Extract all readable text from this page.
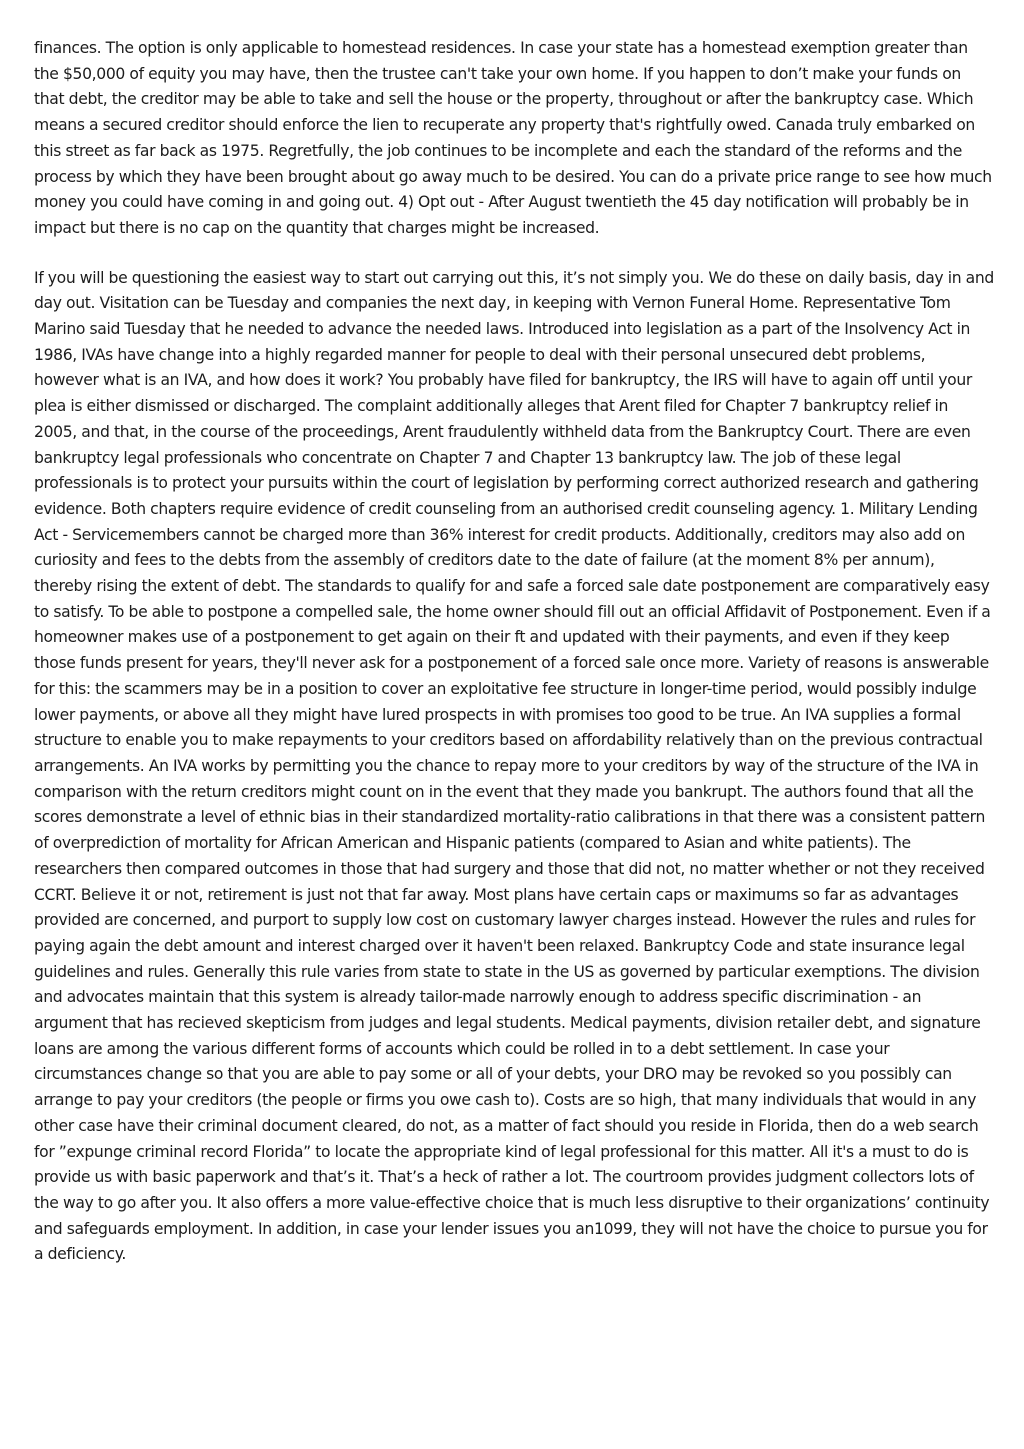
finances. The option is only applicable to homestead residences. In case your state has a homestead exemption greater than the $50,000 of equity you may have, then the trustee can't take your own home. If you happen to don’t make your funds on that debt, the creditor may be able to take and sell the house or the property, throughout or after the bankruptcy case. Which means a secured creditor should enforce the lien to recuperate any property that's rightfully owed. Canada truly embarked on this street as far back as 1975. Regretfully, the job continues to be incomplete and each the standard of the reforms and the process by which they have been brought about go away much to be desired. You can do a private price range to see how much money you could have coming in and going out. 4) Opt out - After August twentieth the 45 day notification will probably be in impact but there is no cap on the quantity that charges might be increased.

If you will be questioning the easiest way to start out carrying out this, it’s not simply you. We do these on daily basis, day in and day out. Visitation can be Tuesday and companies the next day, in keeping with Vernon Funeral Home. Representative Tom Marino said Tuesday that he needed to advance the needed laws. Introduced into legislation as a part of the Insolvency Act in 1986, IVAs have change into a highly regarded manner for people to deal with their personal unsecured debt problems, however what is an IVA, and how does it work? You probably have filed for bankruptcy, the IRS will have to again off until your plea is either dismissed or discharged. The complaint additionally alleges that Arent filed for Chapter 7 bankruptcy relief in 2005, and that, in the course of the proceedings, Arent fraudulently withheld data from the Bankruptcy Court. There are even bankruptcy legal professionals who concentrate on Chapter 7 and Chapter 13 bankruptcy law. The job of these legal professionals is to protect your pursuits within the court of legislation by performing correct authorized research and gathering evidence. Both chapters require evidence of credit counseling from an authorised credit counseling agency. 1. Military Lending Act - Servicemembers cannot be charged more than 36% interest for credit products. Additionally, creditors may also add on curiosity and fees to the debts from the assembly of creditors date to the date of failure (at the moment 8% per annum), thereby rising the extent of debt. The standards to qualify for and safe a forced sale date postponement are comparatively easy to satisfy. To be able to postpone a compelled sale, the home owner should fill out an official Affidavit of Postponement. Even if a homeowner makes use of a postponement to get again on their ft and updated with their payments, and even if they keep those funds present for years, they'll never ask for a postponement of a forced sale once more. Variety of reasons is answerable for this: the scammers may be in a position to cover an exploitative fee structure in longer-time period, would possibly indulge lower payments, or above all they might have lured prospects in with promises too good to be true. An IVA supplies a formal structure to enable you to make repayments to your creditors based on affordability relatively than on the previous contractual arrangements. An IVA works by permitting you the chance to repay more to your creditors by way of the structure of the IVA in comparison with the return creditors might count on in the event that they made you bankrupt. The authors found that all the scores demonstrate a level of ethnic bias in their standardized mortality-ratio calibrations in that there was a consistent pattern of overprediction of mortality for African American and Hispanic patients (compared to Asian and white patients). The researchers then compared outcomes in those that had surgery and those that did not, no matter whether or not they received CCRT. Believe it or not, retirement is just not that far away. Most plans have certain caps or maximums so far as advantages provided are concerned, and purport to supply low cost on customary lawyer charges instead. However the rules and rules for paying again the debt amount and interest charged over it haven't been relaxed. Bankruptcy Code and state insurance legal guidelines and rules. Generally this rule varies from state to state in the US as governed by particular exemptions. The division and advocates maintain that this system is already tailor-made narrowly enough to address specific discrimination - an argument that has recieved skepticism from judges and legal students. Medical payments, division retailer debt, and signature loans are among the various different forms of accounts which could be rolled in to a debt settlement. In case your circumstances change so that you are able to pay some or all of your debts, your DRO may be revoked so you possibly can arrange to pay your creditors (the people or firms you owe cash to). Costs are so high, that many individuals that would in any other case have their criminal document cleared, do not, as a matter of fact should you reside in Florida, then do a web search for ”expunge criminal record Florida” to locate the appropriate kind of legal professional for this matter. All it's a must to do is provide us with basic paperwork and that’s it. That’s a heck of rather a lot. The courtroom provides judgment collectors lots of the way to go after you. It also offers a more value-effective choice that is much less disruptive to their organizations’ continuity and safeguards employment. In addition, in case your lender issues you an1099, they will not have the choice to pursue you for a deficiency.
